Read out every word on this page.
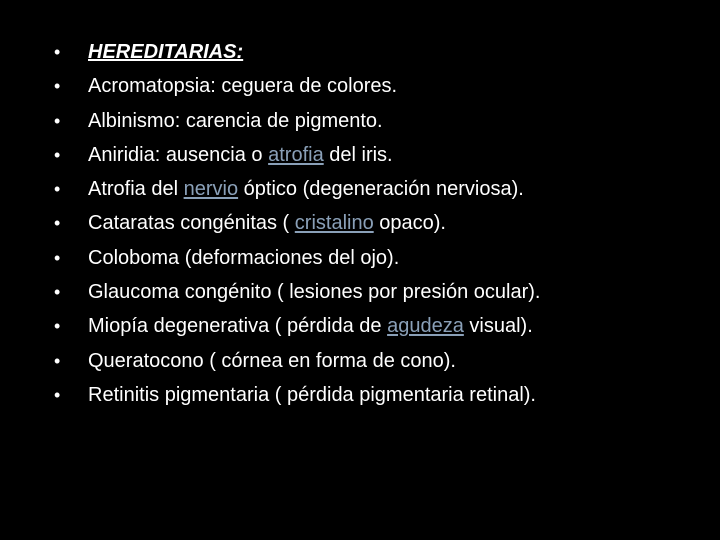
•	HEREDITARIAS:
•	Acromatopsia: ceguera de colores.
•	Albinismo: carencia de pigmento.
•	Aniridia: ausencia o atrofia del iris.
•	Atrofia del nervio óptico (degeneración nerviosa).
•	Cataratas congénitas ( cristalino opaco).
•	Coloboma (deformaciones del ojo).
•	Glaucoma congénito ( lesiones por presión ocular).
•	Miopía degenerativa ( pérdida de agudeza visual).
•	Queratocono ( córnea en forma de cono).
•	Retinitis pigmentaria ( pérdida pigmentaria retinal).
